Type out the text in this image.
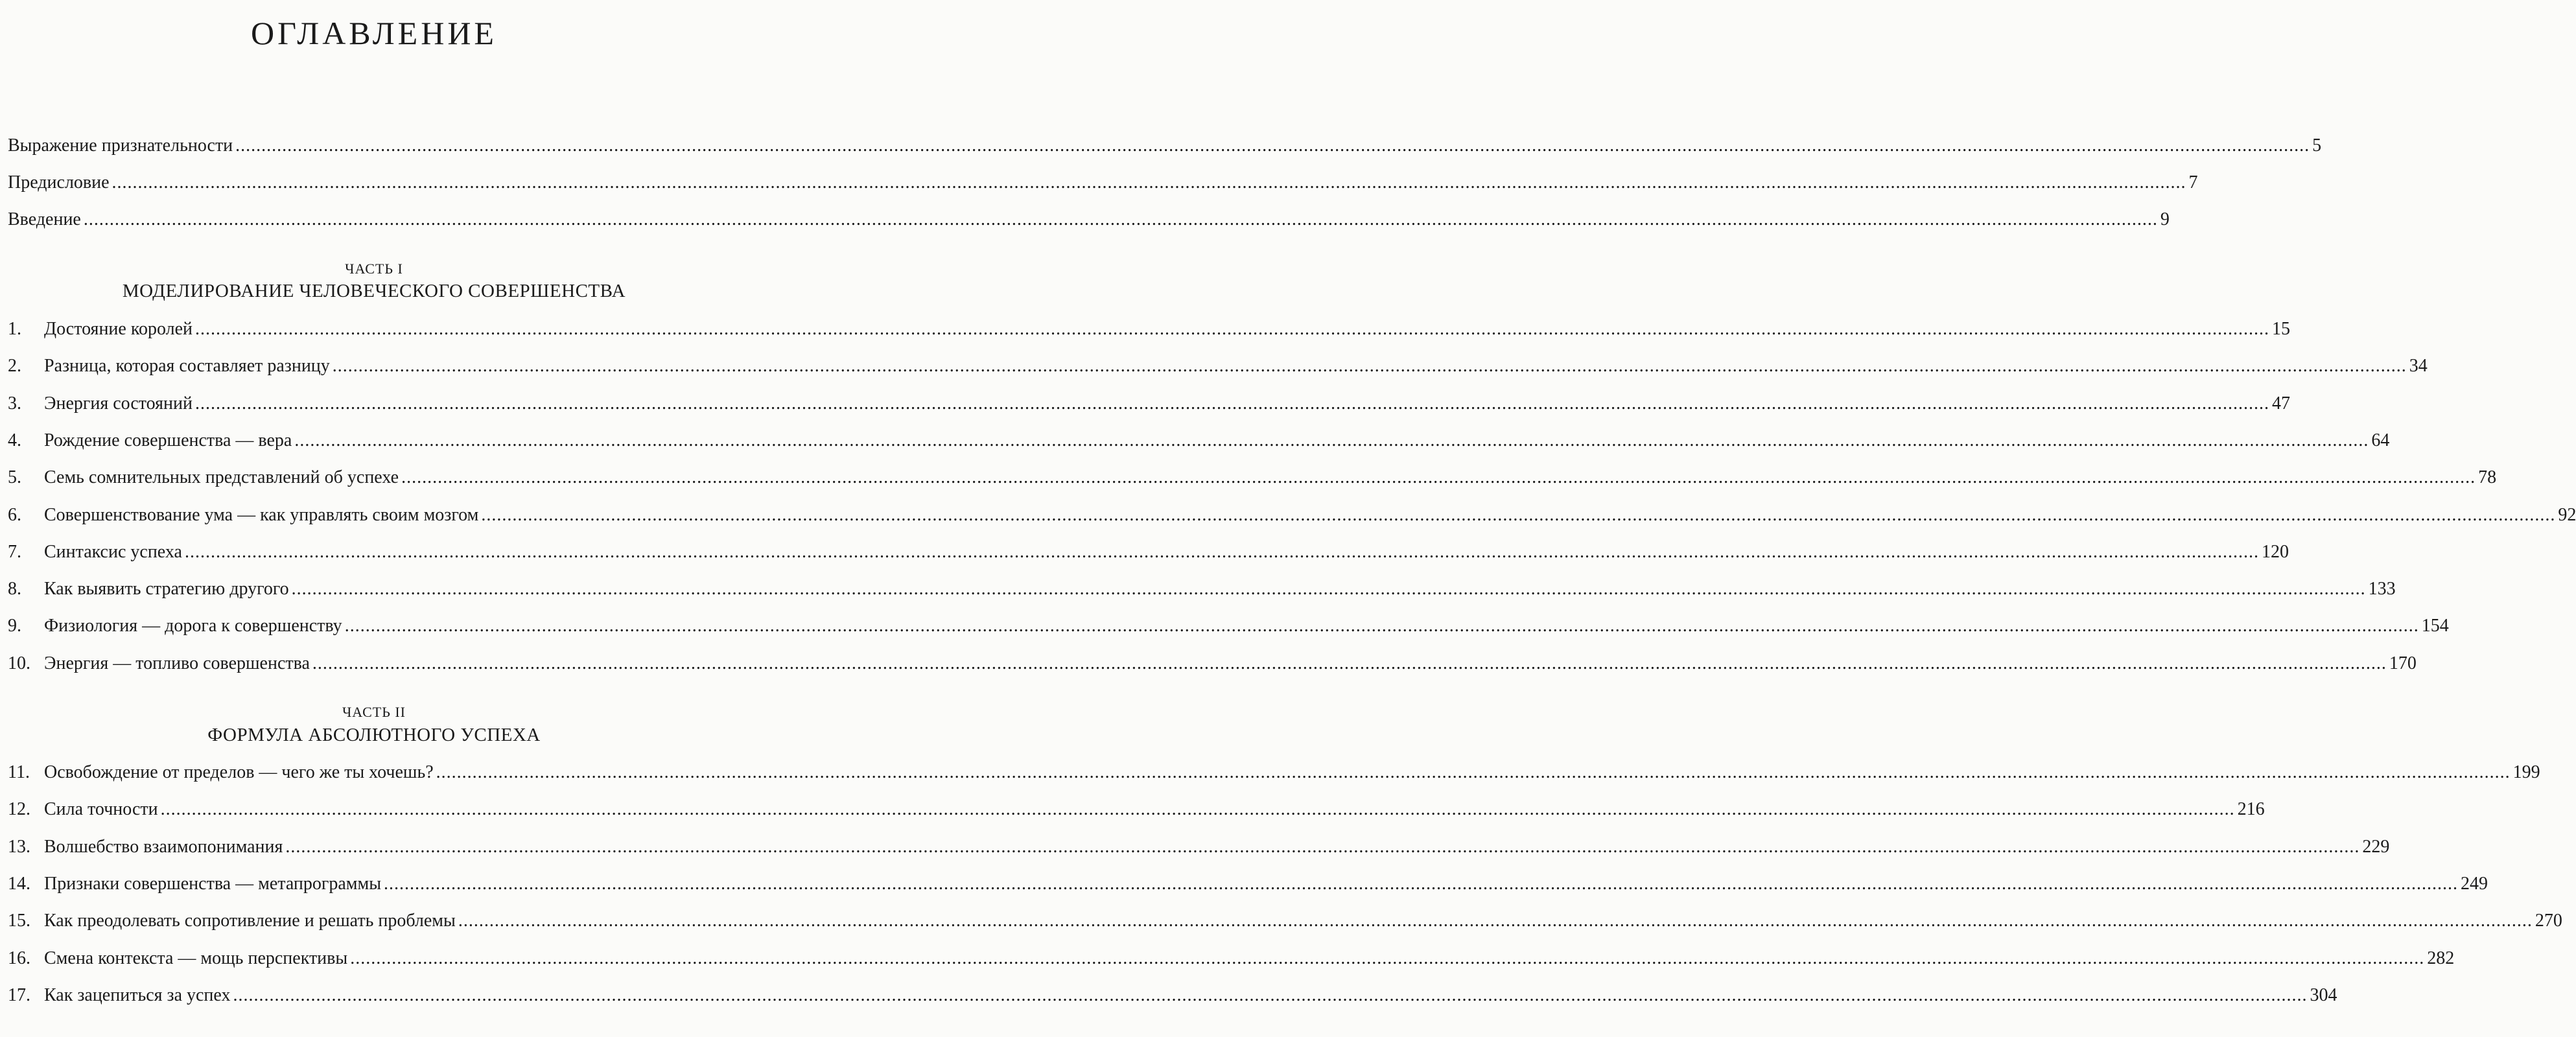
ОГЛАВЛЕНИЕ
Выражение признательности ................................................................................................................................................................................................................................................................................................................................................................................................................ 5
Предисловие ................................................................................................................................................................................................................................................................................................................................................................................................................ 7
Введение ................................................................................................................................................................................................................................................................................................................................................................................................................ 9
ЧАСТЬ I
МОДЕЛИРОВАНИЕ ЧЕЛОВЕЧЕСКОГО СОВЕРШЕНСТВА
1.	Достояние королей ................................................................................................................................................................................................................................................................................................................................................................................................................ 15
2.	Разница, которая составляет разницу ................................................................................................................................................................................................................................................................................................................................................................................................................ 34
3.	Энергия состояний ................................................................................................................................................................................................................................................................................................................................................................................................................ 47
4.	Рождение совершенства — вера ................................................................................................................................................................................................................................................................................................................................................................................................................ 64
5.	Семь сомнительных представлений об успехе ................................................................................................................................................................................................................................................................................................................................................................................................................ 78
6.	Совершенствование ума — как управлять своим мозгом ................................................................................................................................................................................................................................................................................................................................................................................................................ 92
7.	Синтаксис успеха ................................................................................................................................................................................................................................................................................................................................................................................................................ 120
8.	Как выявить стратегию другого ................................................................................................................................................................................................................................................................................................................................................................................................................ 133
9.	Физиология — дорога к совершенству ................................................................................................................................................................................................................................................................................................................................................................................................................ 154
10. Энергия — топливо совершенства ................................................................................................................................................................................................................................................................................................................................................................................................................ 170
ЧАСТЬ II
ФОРМУЛА АБСОЛЮТНОГО УСПЕХА
11. Освобождение от пределов — чего же ты хочешь? ................................................................................................................................................................................................................................................................................................................................................................................................................ 199
12. Сила точности ................................................................................................................................................................................................................................................................................................................................................................................................................ 216
13. Волшебство взаимопонимания ................................................................................................................................................................................................................................................................................................................................................................................................................ 229
14. Признаки совершенства — метапрограммы ................................................................................................................................................................................................................................................................................................................................................................................................................ 249
15. Как преодолевать сопротивление и решать проблемы ................................................................................................................................................................................................................................................................................................................................................................................................................ 270
16. Смена контекста — мощь перспективы ................................................................................................................................................................................................................................................................................................................................................................................................................ 282
17. Как зацепиться за успех ................................................................................................................................................................................................................................................................................................................................................................................................................ 304
